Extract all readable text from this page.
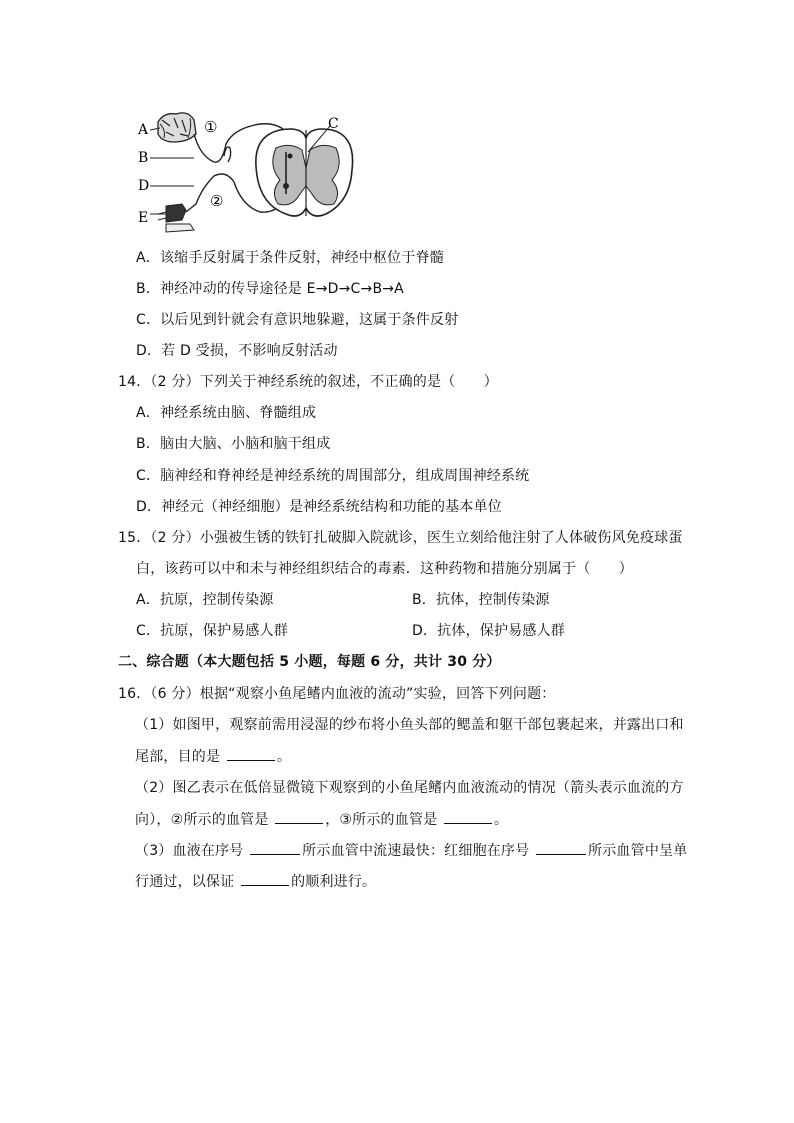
A
B
D
E
C
①
②
A．该缩手反射属于条件反射，神经中枢位于脊髓
B．神经冲动的传导途径是 E→D→C→B→A
C．以后见到针就会有意识地躲避，这属于条件反射
D．若 D 受损，不影响反射活动
14．（2 分）下列关于神经系统的叙述，不正确的是（　　）
A．神经系统由脑、脊髓组成
B．脑由大脑、小脑和脑干组成
C．脑神经和脊神经是神经系统的周围部分，组成周围神经系统
D．神经元（神经细胞）是神经系统结构和功能的基本单位
15．（2 分）小强被生锈的铁钉扎破脚入院就诊，医生立刻给他注射了人体破伤风免疫球蛋
白，该药可以中和未与神经组织结合的毒素．这种药物和措施分别属于（　　）
A．抗原，控制传染源	B．抗体，控制传染源
C．抗原，保护易感人群	D．抗体，保护易感人群
二、综合题（本大题包括 5 小题，每题 6 分，共计 30 分）
16．（6 分）根据“观察小鱼尾鳍内血液的流动”实验，回答下列问题：
（1）如图甲，观察前需用浸湿的纱布将小鱼头部的鳃盖和躯干部包裹起来，并露出口和
尾部，目的是	。
（2）图乙表示在低倍显微镜下观察到的小鱼尾鳍内血液流动的情况（箭头表示血流的方
向），②所示的血管是	，③所示的血管是	。
（3）血液在序号	所示血管中流速最快：红细胞在序号	所示血管中呈单
行通过，以保证	的顺利进行。
